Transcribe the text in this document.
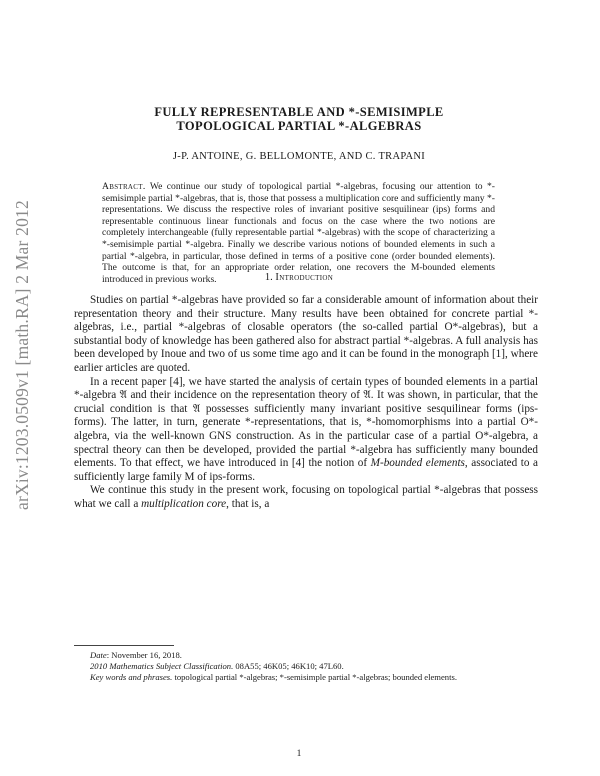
arXiv:1203.0509v1 [math.RA] 2 Mar 2012
FULLY REPRESENTABLE AND *-SEMISIMPLE
TOPOLOGICAL PARTIAL *-ALGEBRAS
J-P. ANTOINE, G. BELLOMONTE, AND C. TRAPANI
Abstract. We continue our study of topological partial *-algebras, focusing our attention to *-semisimple partial *-algebras, that is, those that possess a multiplication core and sufficiently many *-representations. We discuss the respective roles of invariant positive sesquilinear (ips) forms and representable continuous linear functionals and focus on the case where the two notions are completely interchangeable (fully representable partial *-algebras) with the scope of characterizing a *-semisimple partial *-algebra. Finally we describe various notions of bounded elements in such a partial *-algebra, in particular, those defined in terms of a positive cone (order bounded elements). The outcome is that, for an appropriate order relation, one recovers the M-bounded elements introduced in previous works.	1. Introduction

Studies on partial *-algebras have provided so far a considerable amount of information about their representation theory and their structure. Many results have been obtained for concrete partial *-algebras, i.e., partial *-algebras of closable operators (the so-called partial O*-algebras), but a substantial body of knowledge has been gathered also for abstract partial *-algebras. A full analysis has been developed by Inoue and two of us some time ago and it can be found in the monograph [1], where earlier articles are quoted.

In a recent paper [4], we have started the analysis of certain types of bounded elements in a partial *-algebra 𝔄 and their incidence on the representation theory of 𝔄. It was shown, in particular, that the crucial condition is that 𝔄 possesses sufficiently many invariant positive sesquilinear forms (ips-forms). The latter, in turn, generate *-representations, that is, *-homomorphisms into a partial O*-algebra, via the well-known GNS construction. As in the particular case of a partial O*-algebra, a spectral theory can then be developed, provided the partial *-algebra has sufficiently many bounded elements. To that effect, we have introduced in [4] the notion of M-bounded elements, associated to a sufficiently large family M of ips-forms.

We continue this study in the present work, focusing on topological partial *-algebras that possess what we call a multiplication core, that is, a

Date: November 16, 2018.

2010 Mathematics Subject Classification. 08A55; 46K05; 46K10; 47L60.

Key words and phrases. topological partial *-algebras; *-semisimple partial *-algebras; bounded elements.

1
